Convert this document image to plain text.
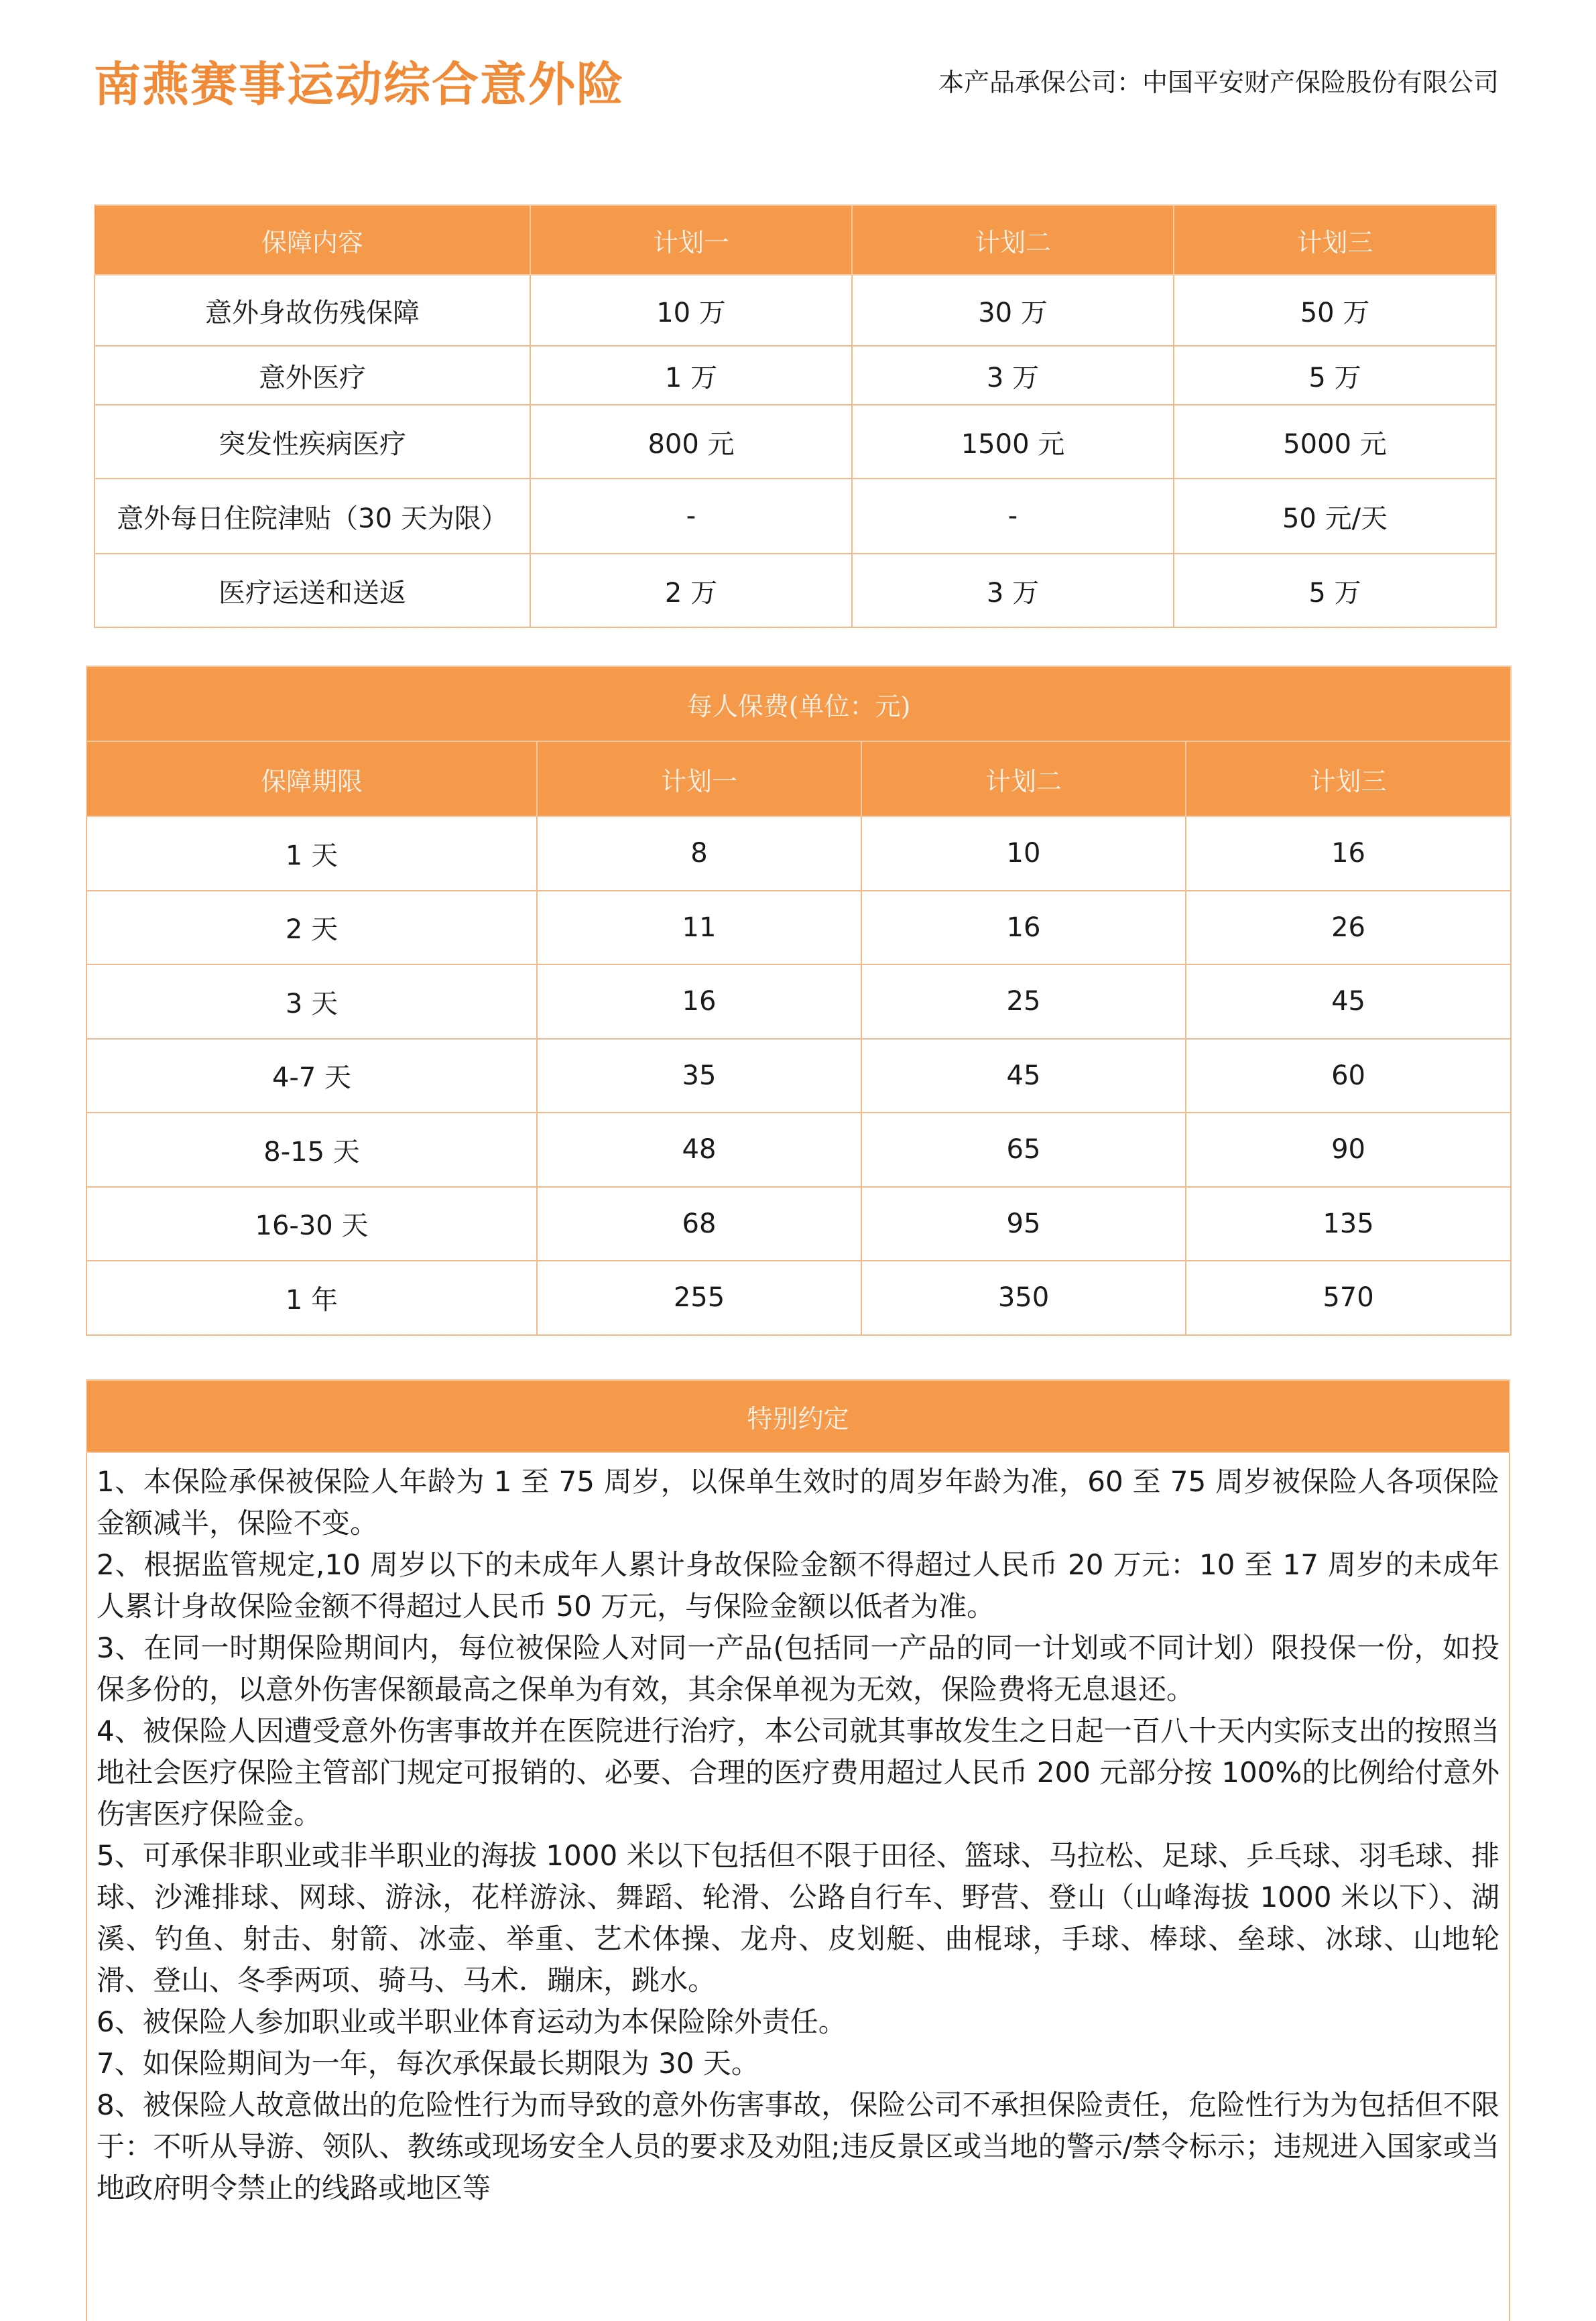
南燕赛事运动综合意外险	本产品承保公司：中国平安财产保险股份有限公司
保障内容	计划一	计划二	计划三
意外身故伤残保障	10 万	30 万	50 万
意外医疗	1 万	3 万	5 万
突发性疾病医疗	800 元	1500 元	5000 元
意外每日住院津贴（30 天为限）	-	-	50 元/天
医疗运送和送返	2 万	3 万	5 万
每人保费(单位：元)			
保障期限	计划一	计划二	计划三
1 天	8	10	16
2 天	11	16	26
3 天	16	25	45
4-7 天	35	45	60
8-15 天	48	65	90
16-30 天	68	95	135
1 年	255	350	570
特别约定

1、本保险承保被保险人年龄为 1 至 75 周岁，以保单生效时的周岁年龄为准，60 至 75 周岁被保险人各项保险金额减半，保险不变。

2、根据监管规定,10 周岁以下的未成年人累计身故保险金额不得超过人民币 20 万元：10 至 17 周岁的未成年人累计身故保险金额不得超过人民币 50 万元，与保险金额以低者为准。

3、在同一时期保险期间内，每位被保险人对同一产品(包括同一产品的同一计划或不同计划）限投保一份，如投保多份的，以意外伤害保额最高之保单为有效，其余保单视为无效，保险费将无息退还。

4、被保险人因遭受意外伤害事故并在医院进行治疗，本公司就其事故发生之日起一百八十天内实际支出的按照当地社会医疗保险主管部门规定可报销的、必要、合理的医疗费用超过人民币 200 元部分按 100%的比例给付意外伤害医疗保险金。

5、可承保非职业或非半职业的海拔 1000 米以下包括但不限于田径、篮球、马拉松、足球、乒乓球、羽毛球、排球、沙滩排球、网球、游泳，花样游泳、舞蹈、轮滑、公路自行车、野营、登山（山峰海拔 1000 米以下）、湖溪、钓鱼、射击、射箭、冰壶、举重、艺术体操、龙舟、皮划艇、曲棍球，手球、棒球、垒球、冰球、山地轮滑、登山、冬季两项、骑马、马术．蹦床，跳水。

6、被保险人参加职业或半职业体育运动为本保险除外责任。

7、如保险期间为一年，每次承保最长期限为 30 天。

8、被保险人故意做出的危险性行为而导致的意外伤害事故，保险公司不承担保险责任，危险性行为为包括但不限于：不听从导游、领队、教练或现场安全人员的要求及劝阻;违反景区或当地的警示/禁令标示；违规进入国家或当地政府明令禁止的线路或地区等
